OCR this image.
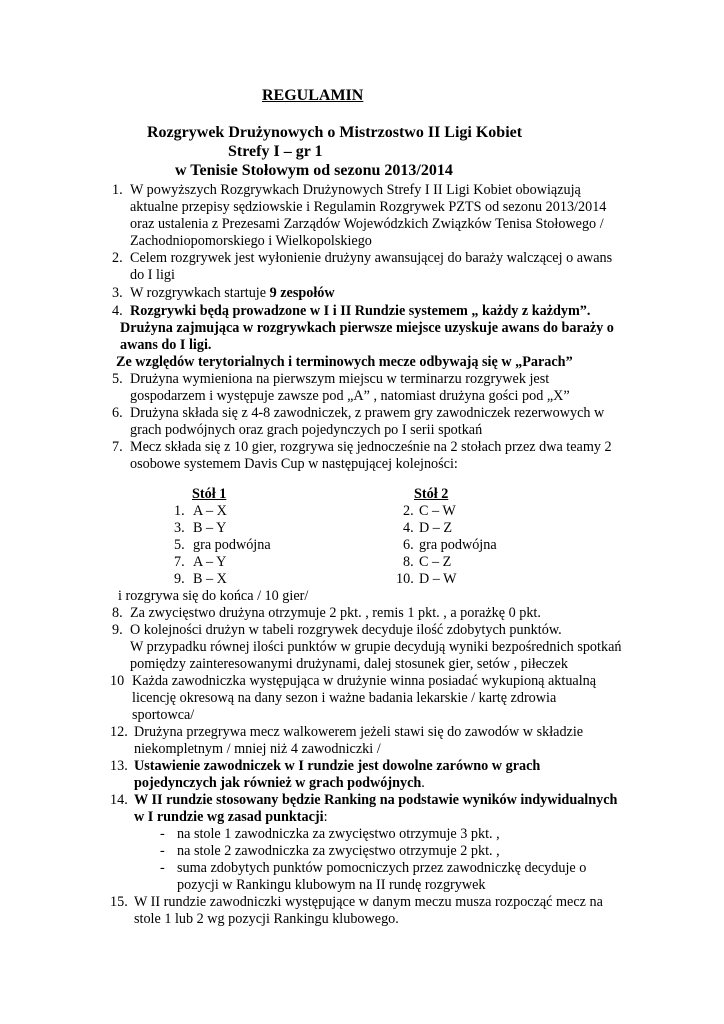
REGULAMIN
Rozgrywek Drużynowych o Mistrzostwo II Ligi Kobiet
Strefy I – gr 1
w Tenisie Stołowym od sezonu 2013/2014
1. W powyższych Rozgrywkach Drużynowych Strefy I II Ligi Kobiet obowiązują
aktualne przepisy sędziowskie i Regulamin Rozgrywek PZTS od sezonu 2013/2014
oraz ustalenia z Prezesami Zarządów Wojewódzkich Związków Tenisa Stołowego /
Zachodniopomorskiego i Wielkopolskiego
2. Celem rozgrywek jest wyłonienie drużyny awansującej do baraży walczącej o awans
do I ligi
3. W rozgrywkach startuje 9 zespołów
4. Rozgrywki będą prowadzone w I i II Rundzie systemem „ każdy z każdym”.
Drużyna zajmująca w rozgrywkach pierwsze miejsce uzyskuje awans do baraży o
awans do I ligi.
Ze względów terytorialnych i terminowych mecze odbywają się w „Parach”
5. Drużyna wymieniona na pierwszym miejscu w terminarzu rozgrywek jest
gospodarzem i występuje zawsze pod „A” , natomiast drużyna gości pod „X”
6. Drużyna składa się z 4-8 zawodniczek, z prawem gry zawodniczek rezerwowych w
grach podwójnych oraz grach pojedynczych po I serii spotkań
7. Mecz składa się z 10 gier, rozgrywa się jednocześnie na 2 stołach przez dwa teamy 2
osobowe systemem Davis Cup w następującej kolejności:
Stół 1	Stół 2
1. A – X
3. B – Y
5. gra podwójna
7. A – Y
9. B – X
2. C – W
4. D – Z
6. gra podwójna
8. C – Z
10. D – W
i rozgrywa się do końca / 10 gier/
8. Za zwycięstwo drużyna otrzymuje 2 pkt. , remis 1 pkt. , a porażkę 0 pkt.
9. O kolejności drużyn w tabeli rozgrywek decyduje ilość zdobytych punktów.
W przypadku równej ilości punktów w grupie decydują wyniki bezpośrednich spotkań
pomiędzy zainteresowanymi drużynami, dalej stosunek gier, setów , piłeczek
10 Każda zawodniczka występująca w drużynie winna posiadać wykupioną aktualną
licencję okresową na dany sezon i ważne badania lekarskie / kartę zdrowia
sportowca/
12. Drużyna przegrywa mecz walkowerem jeżeli stawi się do zawodów w składzie
niekompletnym / mniej niż 4 zawodniczki /
13. Ustawienie zawodniczek w I rundzie jest dowolne zarówno w grach
pojedynczych jak również w grach podwójnych.
14. W II rundzie stosowany będzie Ranking na podstawie wyników indywidualnych
w I rundzie wg zasad punktacji:
- na stole 1 zawodniczka za zwycięstwo otrzymuje 3 pkt. ,
- na stole 2 zawodniczka za zwycięstwo otrzymuje 2 pkt. ,
- suma zdobytych punktów pomocniczych przez zawodniczkę decyduje o
pozycji w Rankingu klubowym na II rundę rozgrywek
15. W II rundzie zawodniczki występujące w danym meczu musza rozpocząć mecz na
stole 1 lub 2 wg pozycji Rankingu klubowego.
